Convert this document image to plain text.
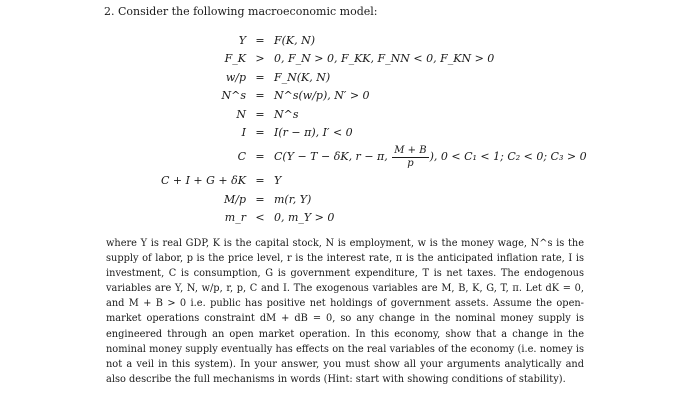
2. Consider the following macroeconomic model:
Y = F(K, N)
F_K > 0, F_N > 0, F_KK, F_NN < 0, F_KN > 0
w/p = F_N(K, N)
N^s = N^s(w/p), N′ > 0
N = N^s
I = I(r − π), I′ < 0
C = C(Y − T − δK, r − π, $\frac{M + B}{p}$ ), 0 < C₁ < 1; C₂ < 0; C₃ > 0
C + I + G + δK = Y
M/p = m(r, Y)
m_r < 0, m_Y > 0
where Y is real GDP, K is the capital stock, N is employment, w is the money wage, N^s is the supply of labor, p is the price level, r is the interest rate, π is the anticipated inflation rate, I is investment, C is consumption, G is government expenditure, T is net taxes. The endogenous variables are Y, N, w/p, r, p, C and I. The exogenous variables are M, B, K, G, T, π. Let dK = 0, and M + B > 0 i.e. public has positive net holdings of government assets. Assume the open-market operations constraint dM + dB = 0, so any change in the nominal money supply is engineered through an open market operation. In this economy, show that a change in the nominal money supply eventually has effects on the real variables of the economy (i.e. nomey is not a veil in this system). In your answer, you must show all your arguments analytically and also describe the full mechanisms in words (Hint: start with showing conditions of stability).
